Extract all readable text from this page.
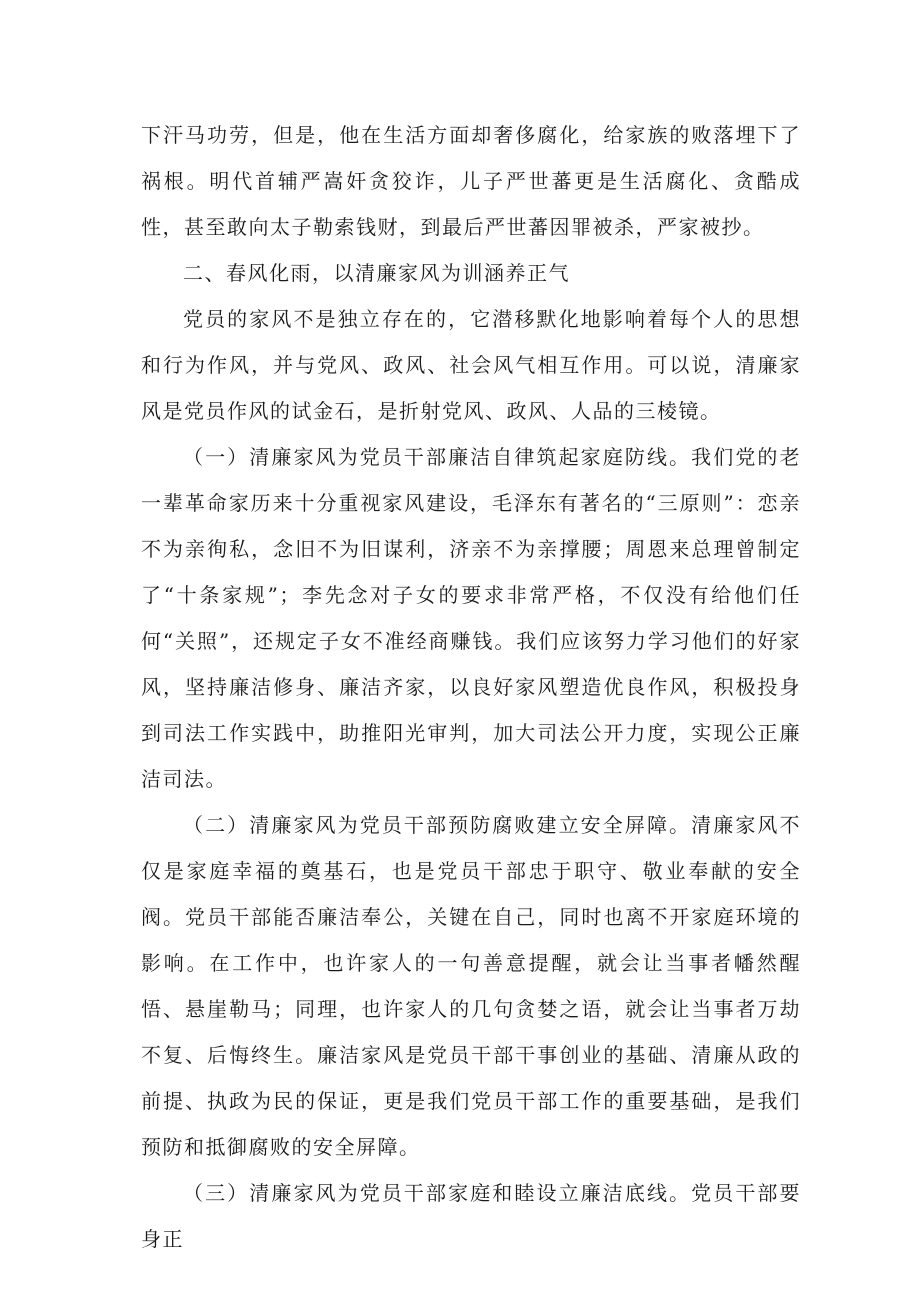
下汗马功劳，但是，他在生活方面却奢侈腐化，给家族的败落埋下了祸根。明代首辅严嵩奸贪狡诈，儿子严世蕃更是生活腐化、贪酷成性，甚至敢向太子勒索钱财，到最后严世蕃因罪被杀，严家被抄。

二、春风化雨，以清廉家风为训涵养正气

党员的家风不是独立存在的，它潜移默化地影响着每个人的思想和行为作风，并与党风、政风、社会风气相互作用。可以说，清廉家风是党员作风的试金石，是折射党风、政风、人品的三棱镜。

（一）清廉家风为党员干部廉洁自律筑起家庭防线。我们党的老一辈革命家历来十分重视家风建设，毛泽东有著名的“三原则”：恋亲不为亲徇私，念旧不为旧谋利，济亲不为亲撑腰；周恩来总理曾制定了“十条家规”；李先念对子女的要求非常严格，不仅没有给他们任何“关照”，还规定子女不准经商赚钱。我们应该努力学习他们的好家风，坚持廉洁修身、廉洁齐家，以良好家风塑造优良作风，积极投身到司法工作实践中，助推阳光审判，加大司法公开力度，实现公正廉洁司法。

（二）清廉家风为党员干部预防腐败建立安全屏障。清廉家风不仅是家庭幸福的奠基石，也是党员干部忠于职守、敬业奉献的安全阀。党员干部能否廉洁奉公，关键在自己，同时也离不开家庭环境的影响。在工作中，也许家人的一句善意提醒，就会让当事者幡然醒悟、悬崖勒马；同理，也许家人的几句贪婪之语，就会让当事者万劫不复、后悔终生。廉洁家风是党员干部干事创业的基础、清廉从政的前提、执政为民的保证，更是我们党员干部工作的重要基础，是我们预防和抵御腐败的安全屏障。

（三）清廉家风为党员干部家庭和睦设立廉洁底线。党员干部要身正
